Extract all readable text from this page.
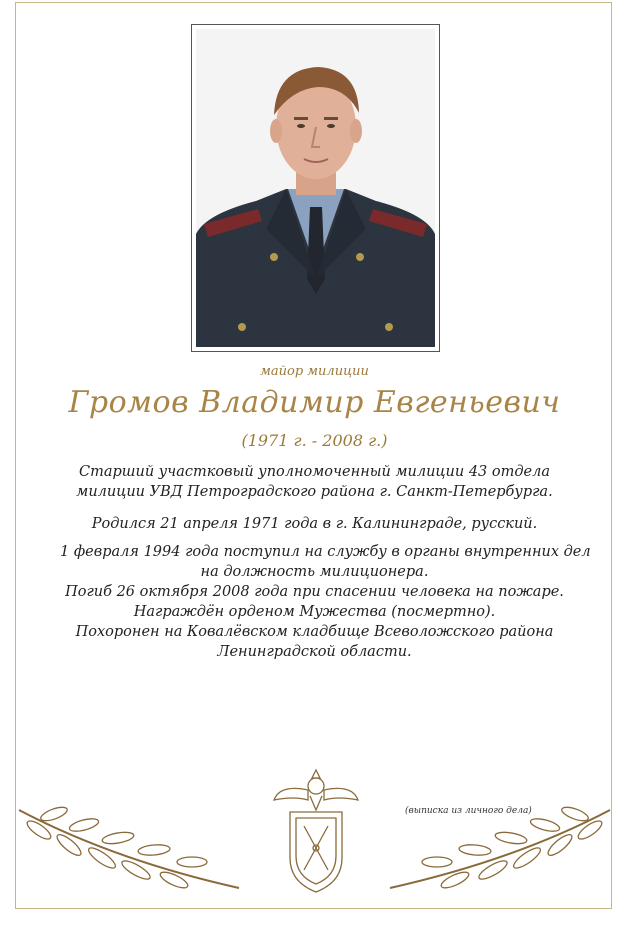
майор милиции
Громов Владимир Евгеньевич
(1971 г. - 2008 г.)
Старший участковый уполномоченный милиции 43 отдела
милиции УВД Петроградского района г. Санкт-Петербурга.
Родился 21 апреля 1971 года в г. Калининграде, русский.
1 февраля 1994 года поступил на службу в органы внутренних дел
на должность милиционера.
Погиб 26 октября 2008 года при спасении человека на пожаре.
Награждён орденом Мужества (посмертно).
Похоронен на Ковалёвском кладбище Всеволожского района
Ленинградской области.
(выписка из личного дела)
